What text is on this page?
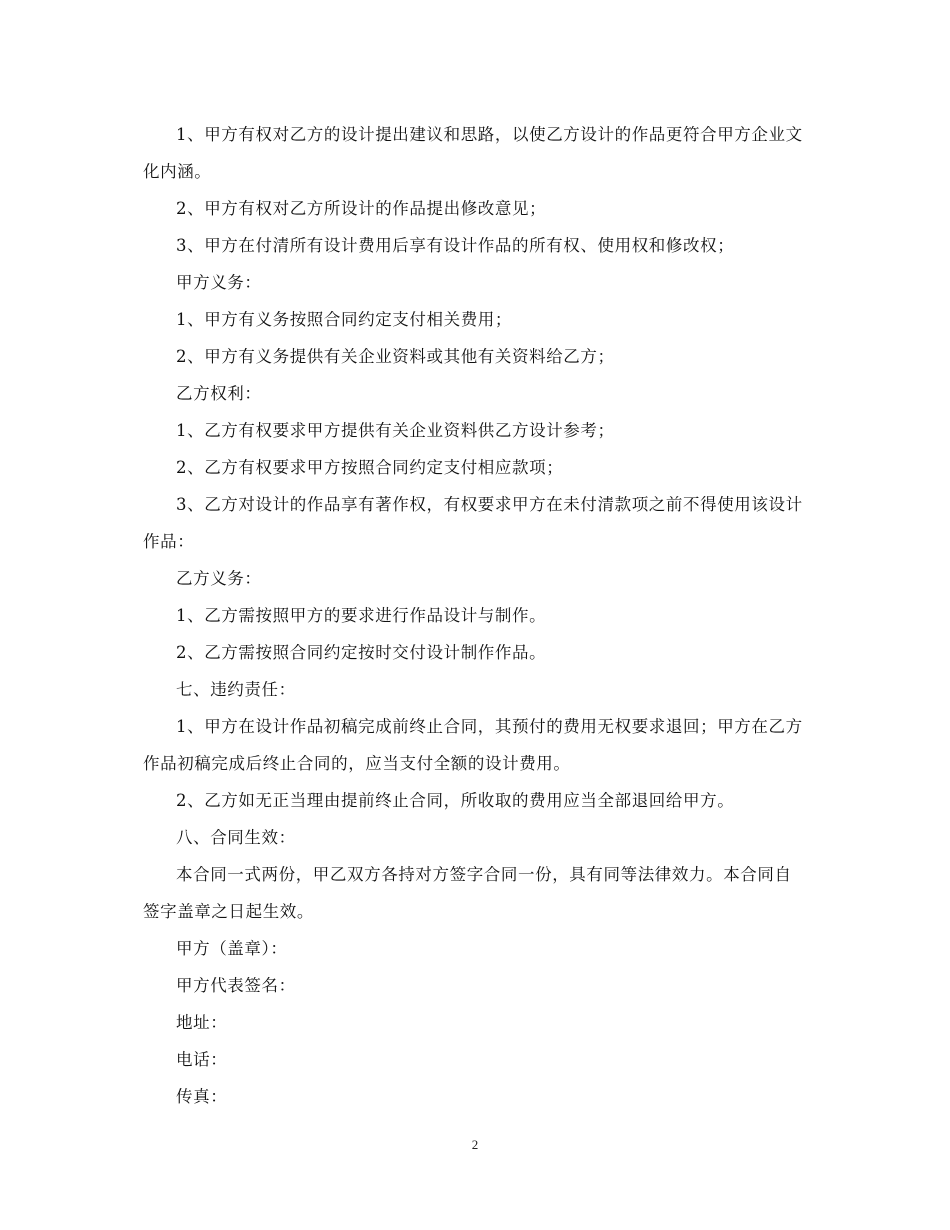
1、甲方有权对乙方的设计提出建议和思路，以使乙方设计的作品更符合甲方企业文化内涵。

2、甲方有权对乙方所设计的作品提出修改意见；

3、甲方在付清所有设计费用后享有设计作品的所有权、使用权和修改权；

甲方义务：

1、甲方有义务按照合同约定支付相关费用；

2、甲方有义务提供有关企业资料或其他有关资料给乙方；

乙方权利：

1、乙方有权要求甲方提供有关企业资料供乙方设计参考；

2、乙方有权要求甲方按照合同约定支付相应款项；

3、乙方对设计的作品享有著作权，有权要求甲方在未付清款项之前不得使用该设计作品：

乙方义务：

1、乙方需按照甲方的要求进行作品设计与制作。

2、乙方需按照合同约定按时交付设计制作作品。

七、违约责任：

1、甲方在设计作品初稿完成前终止合同，其预付的费用无权要求退回；甲方在乙方作品初稿完成后终止合同的，应当支付全额的设计费用。

2、乙方如无正当理由提前终止合同，所收取的费用应当全部退回给甲方。

八、合同生效：

本合同一式两份，甲乙双方各持对方签字合同一份，具有同等法律效力。本合同自签字盖章之日起生效。

甲方（盖章）：

甲方代表签名：

地址：

电话：

传真：

2
